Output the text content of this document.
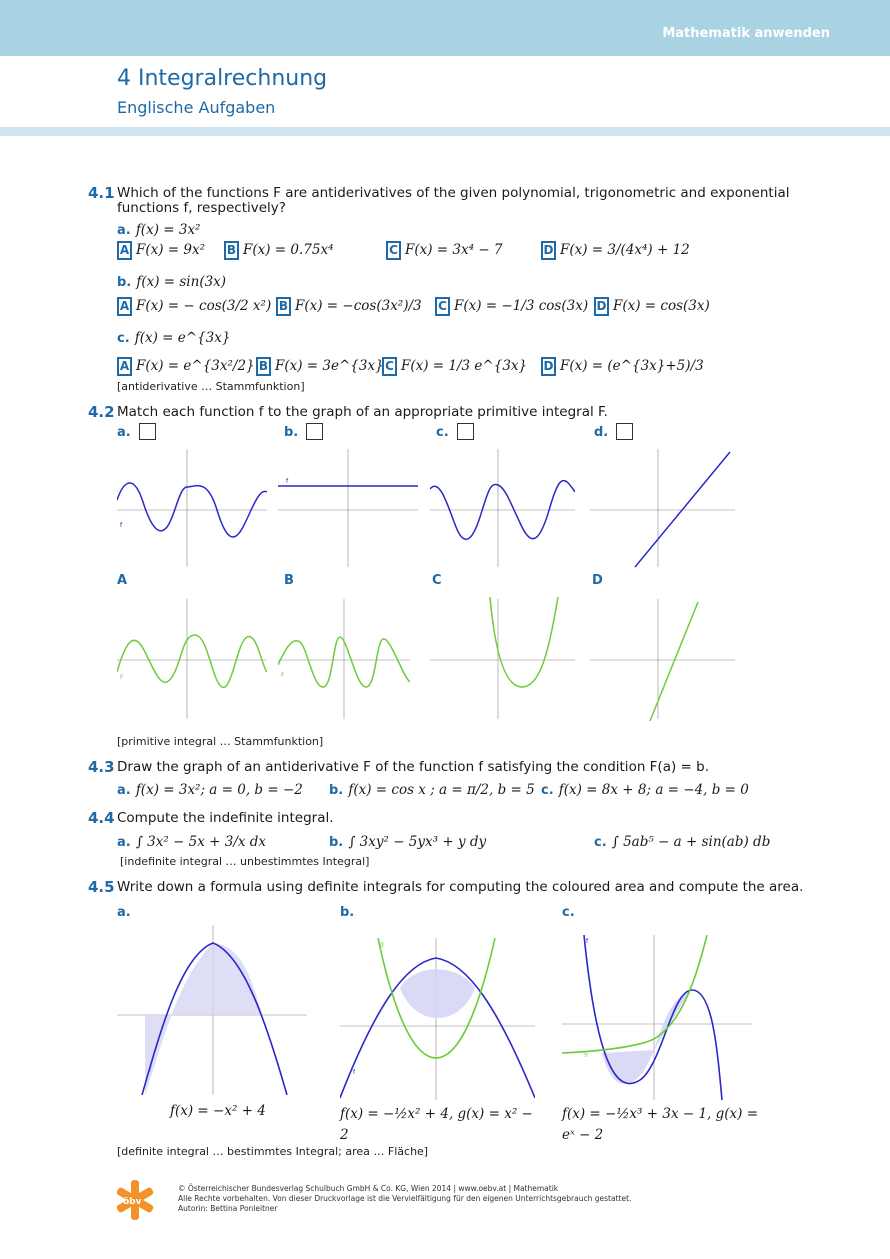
Mathematik anwenden
4 Integralrechnung
Englische Aufgaben
4.1 Which of the functions F are antiderivatives of the given polynomial, trigonometric and exponential
functions f, respectively?
a. f(x) = 3x²
A F(x) = 9x² B F(x) = 0.75x⁴	C F(x) = 3x⁴ − 7	D F(x) = 3/(4x⁴) + 12
b. f(x) = sin(3x)
A F(x) = − cos(3/2 x²) B F(x) = −cos(3x²)/3 C F(x) = −1/3 cos(3x) D F(x) = cos(3x)
c. f(x) = e^{3x}
A F(x) = e^{3x²/2} B F(x) = 3e^{3x} C F(x) = 1/3 e^{3x} D F(x) = (e^{3x}+5)/3
[antiderivative … Stammfunktion]
4.2 Match each function f to the graph of an appropriate primitive integral F.
a.	b.	c.	d.
f
f
A	B	C	D
F	F
[primitive integral … Stammfunktion]
4.3 Draw the graph of an antiderivative F of the function f satisfying the condition F(a) = b.
a. f(x) = 3x²; a = 0, b = −2 b. f(x) = cos x ; a = π/2, b = 5 c. f(x) = 8x + 8; a = −4, b = 0
4.4 Compute the indefinite integral.
a. ∫ 3x² − 5x + 3/x dx	b. ∫ 3xy² − 5yx³ + y dy	c. ∫ 5ab⁵ − a + sin(ab) db
[indefinite integral … unbestimmtes Integral]
4.5 Write down a formula using definite integrals for computing the coloured area and compute the area.
a.	b.	c.
f
g
f
g
f
f(x) = −x² + 4	f(x) = −½x² + 4, g(x) = x² −
2
f(x) = −½x³ + 3x − 1, g(x) =
eˣ − 2
[definite integral … bestimmtes Integral; area … Fläche]
öbv
© Österreichischer Bundesverlag Schulbuch GmbH & Co. KG, Wien 2014 | www.oebv.at | Mathematik
Alle Rechte vorbehalten. Von dieser Druckvorlage ist die Vervielfältigung für den eigenen Unterrichtsgebrauch gestattet.
Autorin: Bettina Ponleitner
